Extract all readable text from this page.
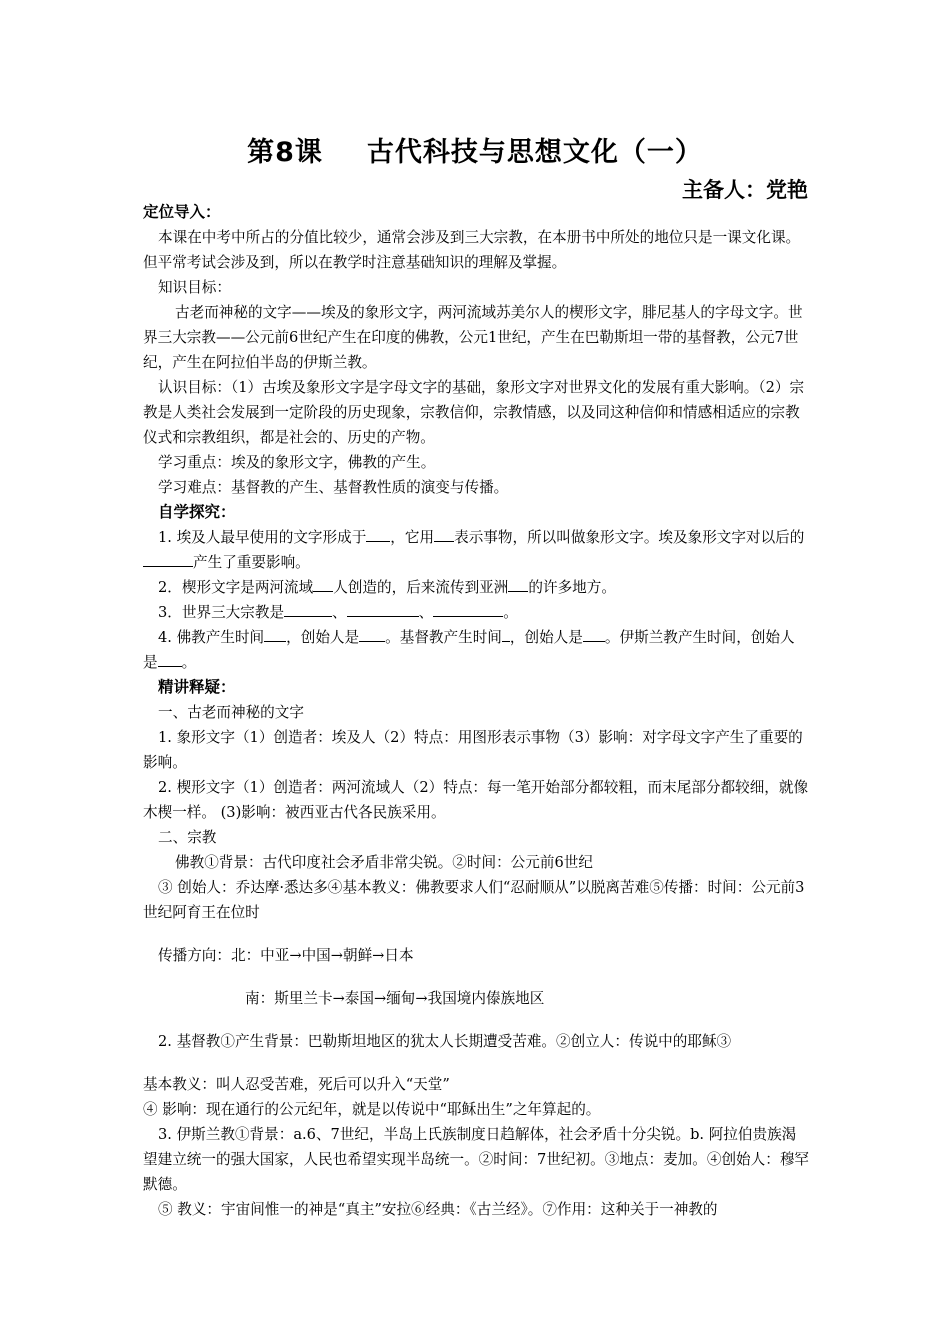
第8课 古代科技与思想文化（一）
主备人：党艳

定位导入：

本课在中考中所占的分值比较少，通常会涉及到三大宗教，在本册书中所处的地位只是一课文化课。但平常考试会涉及到，所以在教学时注意基础知识的理解及掌握。

知识目标：

古老而神秘的文字——埃及的象形文字，两河流域苏美尔人的楔形文字，腓尼基人的字母文字。世界三大宗教——公元前6世纪产生在印度的佛教，公元1世纪，产生在巴勒斯坦一带的基督教，公元7世纪，产生在阿拉伯半岛的伊斯兰教。

认识目标：（1）古埃及象形文字是字母文字的基础，象形文字对世界文化的发展有重大影响。（2）宗教是人类社会发展到一定阶段的历史现象，宗教信仰，宗教情感，以及同这种信仰和情感相适应的宗教仪式和宗教组织，都是社会的、历史的产物。

学习重点：埃及的象形文字，佛教的产生。

学习难点：基督教的产生、基督教性质的演变与传播。

自学探究：

1. 埃及人最早使用的文字形成于 ，它用 表示事物，所以叫做象形文字。埃及象形文字对以后的产生了重要影响。

2．楔形文字是两河流域 人创造的，后来流传到亚洲 的许多地方。

3．世界三大宗教是	、	、	。

4. 佛教产生时间 ，创始人是 。基督教产生时间 ，创始人是 。伊斯兰教产生时间，创始人是 。

精讲释疑：

一、古老而神秘的文字

1. 象形文字（1）创造者：埃及人（2）特点：用图形表示事物（3）影响：对字母文字产生了重要的影响。

2. 楔形文字（1）创造者：两河流域人（2）特点：每一笔开始部分都较粗，而末尾部分都较细，就像木楔一样。 (3)影响：被西亚古代各民族采用。

二、宗教

佛教①背景：古代印度社会矛盾非常尖锐。②时间：公元前6世纪

③ 创始人：乔达摩·悉达多④基本教义：佛教要求人们“忍耐顺从”以脱离苦难⑤传播：时间：公元前3世纪阿育王在位时

传播方向：北：中亚→中国→朝鲜→日本

南：斯里兰卡→泰国→缅甸→我国境内傣族地区

2. 基督教①产生背景：巴勒斯坦地区的犹太人长期遭受苦难。②创立人：传说中的耶稣③

基本教义：叫人忍受苦难，死后可以升入“天堂”

④ 影响：现在通行的公元纪年，就是以传说中“耶稣出生”之年算起的。

3. 伊斯兰教①背景：a.6、7世纪，半岛上氏族制度日趋解体，社会矛盾十分尖锐。b. 阿拉伯贵族渴望建立统一的强大国家，人民也希望实现半岛统一。②时间：7世纪初。③地点：麦加。④创始人：穆罕默德。

⑤ 教义：宇宙间惟一的神是“真主”安拉⑥经典：《古兰经》。⑦作用：这种关于一神教的
